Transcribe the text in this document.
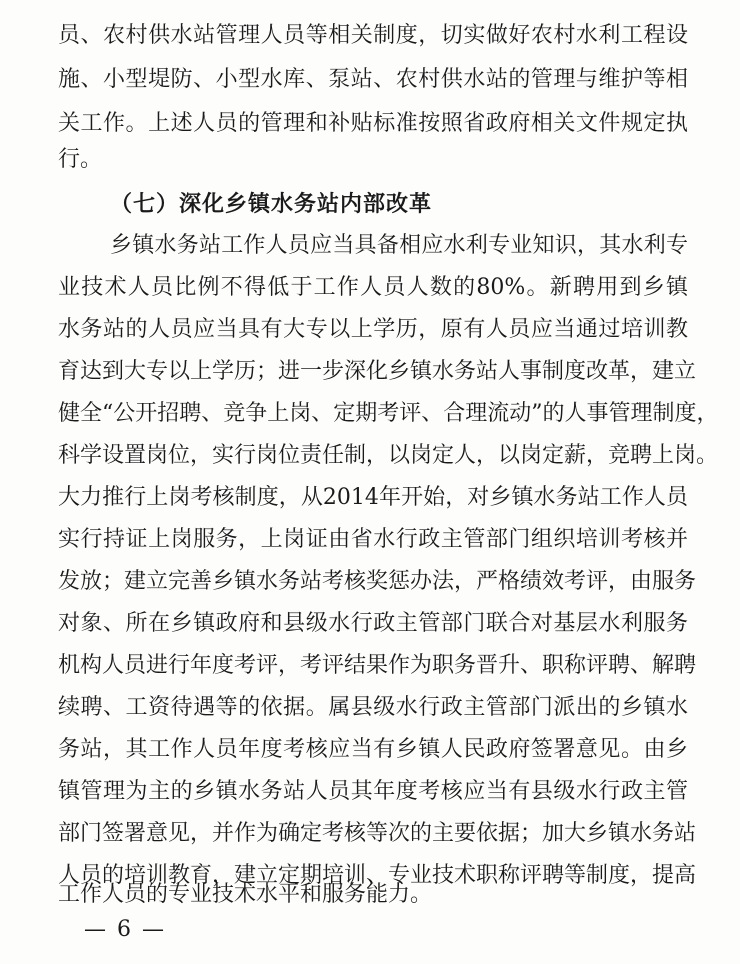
员、农村供水站管理人员等相关制度，切实做好农村水利工程设
施、小型堤防、小型水库、泵站、农村供水站的管理与维护等相
关工作。上述人员的管理和补贴标准按照省政府相关文件规定执
行。
（七）深化乡镇水务站内部改革
乡镇水务站工作人员应当具备相应水利专业知识，其水利专
业技术人员比例不得低于工作人员人数的80%。新聘用到乡镇
水务站的人员应当具有大专以上学历，原有人员应当通过培训教
育达到大专以上学历；进一步深化乡镇水务站人事制度改革，建立
健全“公开招聘、竞争上岗、定期考评、合理流动”的人事管理制度，
科学设置岗位，实行岗位责任制，以岗定人，以岗定薪，竞聘上岗。
大力推行上岗考核制度，从2014年开始，对乡镇水务站工作人员
实行持证上岗服务，上岗证由省水行政主管部门组织培训考核并
发放；建立完善乡镇水务站考核奖惩办法，严格绩效考评，由服务
对象、所在乡镇政府和县级水行政主管部门联合对基层水利服务
机构人员进行年度考评，考评结果作为职务晋升、职称评聘、解聘
续聘、工资待遇等的依据。属县级水行政主管部门派出的乡镇水
务站，其工作人员年度考核应当有乡镇人民政府签署意见。由乡
镇管理为主的乡镇水务站人员其年度考核应当有县级水行政主管
部门签署意见，并作为确定考核等次的主要依据；加大乡镇水务站
人员的培训教育，建立定期培训、专业技术职称评聘等制度，提高
工作人员的专业技术水平和服务能力。
— 6 —
